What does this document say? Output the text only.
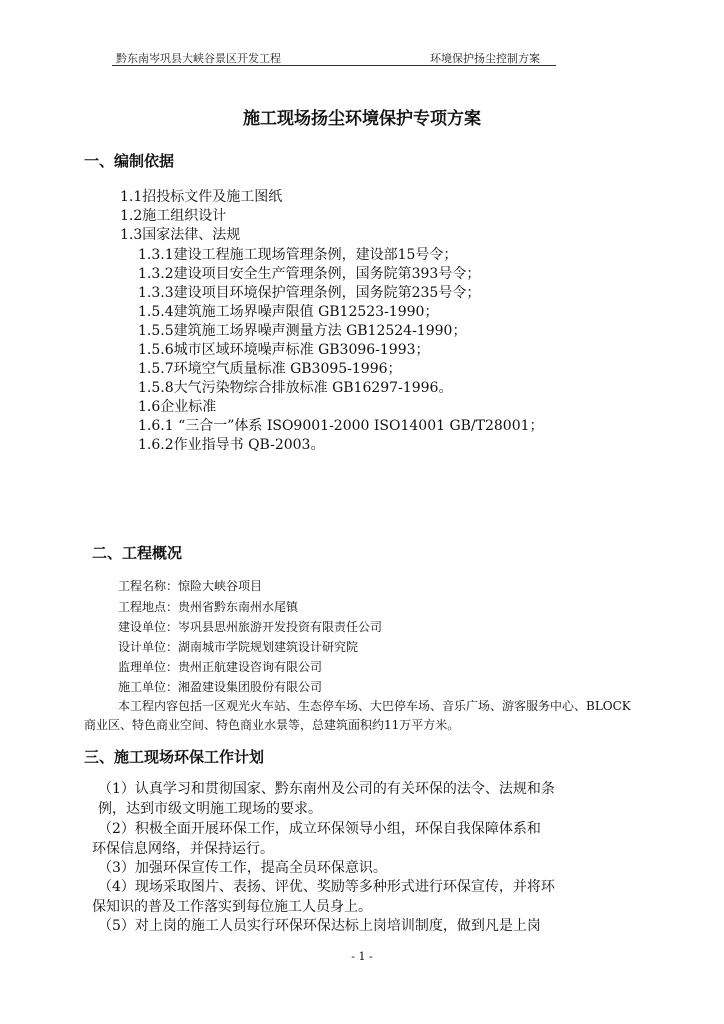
黔东南岑巩县大峡谷景区开发工程	环境保护扬尘控制方案
施工现场扬尘环境保护专项方案
一、编制依据
1.1招投标文件及施工图纸
1.2施工组织设计
1.3国家法律、法规
1.3.1建设工程施工现场管理条例，建设部15号令；
1.3.2建设项目安全生产管理条例，国务院第393号令；
1.3.3建设项目环境保护管理条例，国务院第235号令；
1.5.4建筑施工场界噪声限值 GB12523-1990；
1.5.5建筑施工场界噪声测量方法 GB12524-1990；
1.5.6城市区域环境噪声标准 GB3096-1993；
1.5.7环境空气质量标准 GB3095-1996；
1.5.8大气污染物综合排放标准 GB16297-1996。
1.6企业标准
1.6.1 “三合一”体系 ISO9001-2000 ISO14001 GB/T28001；
1.6.2作业指导书 QB-2003。
二、工程概况
工程名称：惊险大峡谷项目
工程地点：贵州省黔东南州水尾镇
建设单位：岑巩县思州旅游开发投资有限责任公司
设计单位：湖南城市学院规划建筑设计研究院
监理单位：贵州正航建设咨询有限公司
施工单位：湘盈建设集团股份有限公司
本工程内容包括一区观光火车站、生态停车场、大巴停车场、音乐广场、游客服务中心、BLOCK
商业区、特色商业空间、特色商业水景等，总建筑面积约11万平方米。
三、施工现场环保工作计划
（1）认真学习和贯彻国家、黔东南州及公司的有关环保的法令、法规和条
例，达到市级文明施工现场的要求。
（2）积极全面开展环保工作，成立环保领导小组，环保自我保障体系和
环保信息网络，并保持运行。
（3）加强环保宣传工作，提高全员环保意识。
（4）现场采取图片、表扬、评优、奖励等多种形式进行环保宣传，并将环
保知识的普及工作落实到每位施工人员身上。
（5）对上岗的施工人员实行环保环保达标上岗培训制度，做到凡是上岗
- 1 -
